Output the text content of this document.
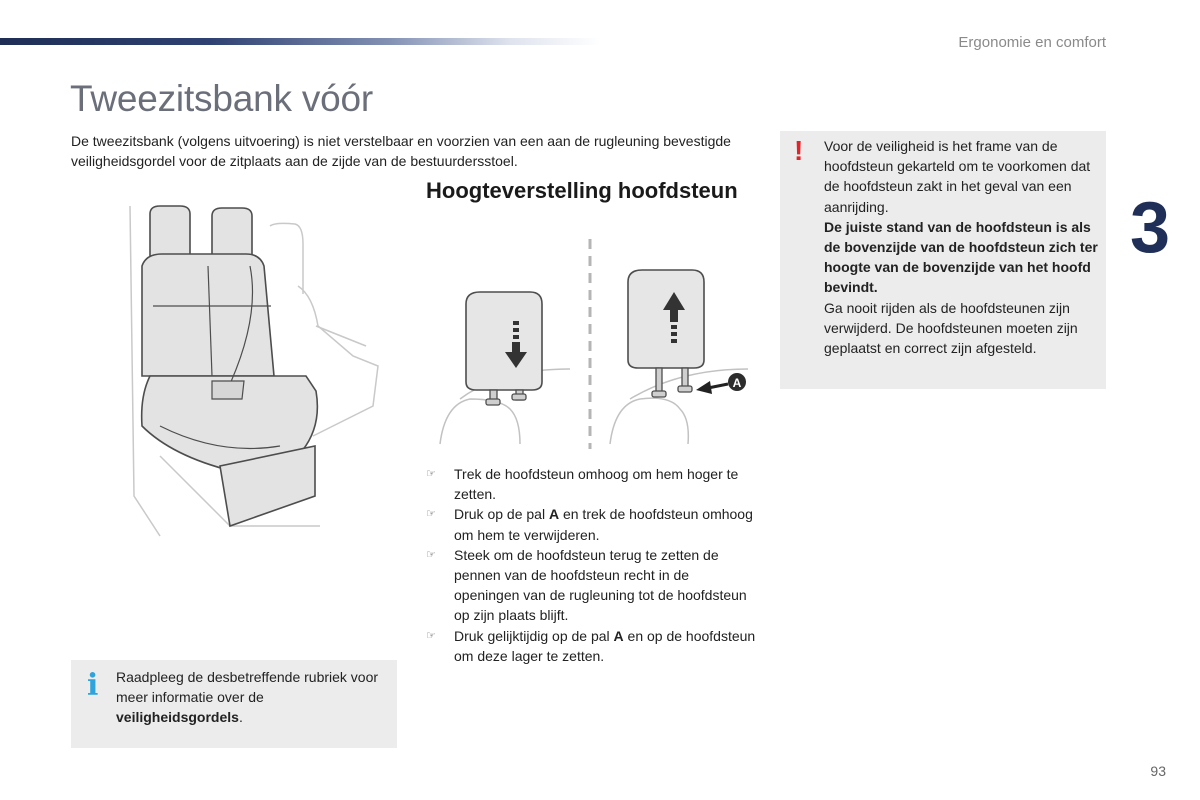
Ergonomie en comfort
Tweezitsbank vóór

De tweezitsbank (volgens uitvoering) is niet verstelbaar en voorzien van een aan de rugleuning bevestigde veiligheidsgordel voor de zitplaats aan de zijde van de bestuurdersstoel.

Hoogteverstelling hoofdsteun
A
☞ Trek de hoofdsteun omhoog om hem hoger te zetten.
☞ Druk op de pal A en trek de hoofdsteun omhoog om hem te verwijderen.
☞ Steek om de hoofdsteun terug te zetten de pennen van de hoofdsteun recht in de openingen van de rugleuning tot de hoofdsteun op zijn plaats blijft.
☞ Druk gelijktijdig op de pal A en op de hoofdsteun om deze lager te zetten.
i Raadpleeg de desbetreffende rubriek voor meer informatie over de veiligheidsgordels.

! Voor de veiligheid is het frame van de hoofdsteun gekarteld om te voorkomen dat de hoofdsteun zakt in het geval van een aanrijding.
De juiste stand van de hoofdsteun is als de bovenzijde van de hoofdsteun zich ter hoogte van de bovenzijde van het hoofd bevindt.
Ga nooit rijden als de hoofdsteunen zijn verwijderd. De hoofdsteunen moeten zijn geplaatst en correct zijn afgesteld.

3
93
